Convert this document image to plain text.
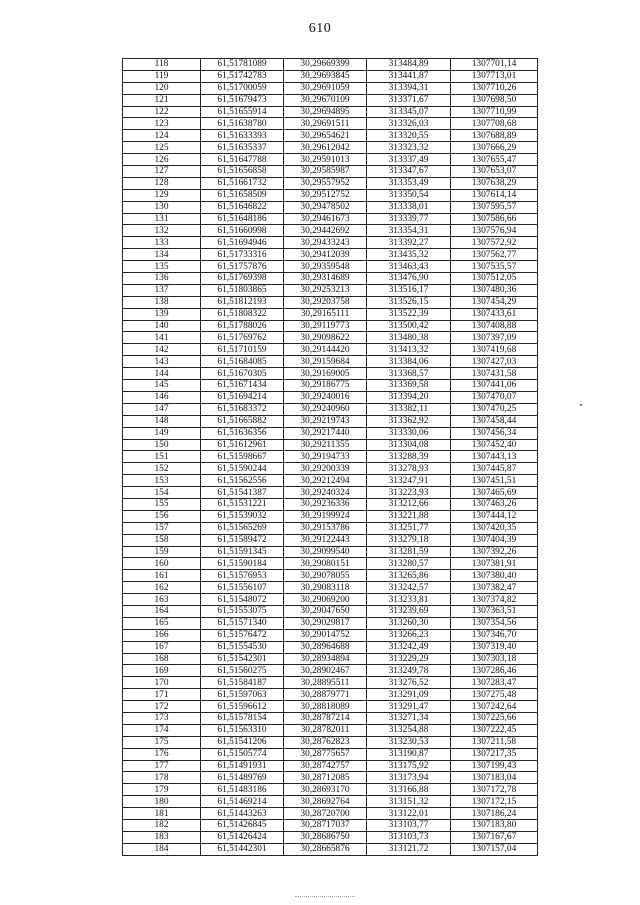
610
118	61,51781089	30,29669399	313484,89	1307701,14
119	61,51742783	30,29693845	313441,87	1307713,01
120	61,51700059	30,29691059	313394,31	1307710,26
121	61,51679473	30,29670109	313371,67	1307698,50
122	61,51655914	30,29694895	313345,07	1307710,99
123	61,51638780	30,29691511	313326,03	1307708,68
124	61,51633393	30,29654621	313320,55	1307688,89
125	61,51635337	30,29612042	313323,32	1307666,29
126	61,51647788	30,29591013	313337,49	1307655,47
127	61,51656858	30,29585987	313347,67	1307653,07
128	61,51661732	30,29557952	313353,49	1307638,29
129	61,51658509	30,29512752	313350,54	1307614,14
130	61,51646822	30,29478502	313338,01	1307595,57
131	61,51648186	30,29461673	313339,77	1307586,66
132	61,51660998	30,29442692	313354,31	1307576,94
133	61,51694946	30,29433243	313392,27	1307572,92
134	61,51733316	30,29412039	313435,32	1307562,77
135	61,51757876	30,29359548	313463,43	1307535,57
136	61,51769398	30,29314689	313476,90	1307512,05
137	61,51803865	30,29253213	313516,17	1307480,36
138	61,51812193	30,29203758	313526,15	1307454,29
139	61,51808322	30,29165111	313522,39	1307433,61
140	61,51788026	30,29119773	313500,42	1307408,88
141	61,51769762	30,29098622	313480,38	1307397,09
142	61,51710159	30,29144420	313413,32	1307419,68
143	61,51684085	30,29159684	313384,06	1307427,03
144	61,51670305	30,29169005	313368,57	1307431,58
145	61,51671434	30,29186775	313369,58	1307441,06
146	61,51694214	30,29240016	313394,20	1307470,07
147	61,51683372	30,29240960	313382,11	1307470,25
148	61,51665882	30,29219743	313362,92	1307458,44
149	61,51636356	30,29217440	313330,06	1307456,34
150	61,51612961	30,29211355	313304,08	1307452,40
151	61,51598667	30,29194733	313288,39	1307443,13
152	61,51590244	30,29200339	313278,93	1307445,87
153	61,51562556	30,29212494	313247,91	1307451,51
154	61,51541387	30,29240324	313223,93	1307465,69
155	61,51531221	30,29236336	313212,66	1307463,26
156	61,51539032	30,29199924	313221,88	1307444,12
157	61,51565269	30,29153786	313251,77	1307420,35
158	61,51589472	30,29122443	313279,18	1307404,39
159	61,51591345	30,29099540	313281,59	1307392,26
160	61,51590184	30,29080151	313280,57	1307381,91
161	61,51576953	30,29078055	313265,86	1307380,40
162	61,51556107	30,29083118	313242,57	1307382,47
163	61,51548072	30,29069200	313233,81	1307374,82
164	61,51553075	30,29047650	313239,69	1307363,51
165	61,51571340	30,29029817	313260,30	1307354,56
166	61,51576472	30,29014752	313266,23	1307346,70
167	61,51554530	30,28964688	313242,49	1307319,40
168	61,51542301	30,28934894	313229,29	1307303,18
169	61,51560275	30,28902467	313249,78	1307286,46
170	61,51584187	30,28895511	313276,52	1307283,47
171	61,51597063	30,28879771	313291,09	1307275,48
172	61,51596612	30,28818089	313291,47	1307242,64
173	61,51578154	30,28787214	313271,34	1307225,66
174	61,51563310	30,28782011	313254,88	1307222,45
175	61,51541206	30,28762823	313230,53	1307211,58
176	61,51505774	30,28775657	313190,87	1307217,35
177	61,51491931	30,28742757	313175,92	1307199,43
178	61,51489769	30,28712085	313173,94	1307183,04
179	61,51483186	30,28693170	313166,88	1307172,78
180	61,51469214	30,28692764	313151,32	1307172,15
181	61,51443263	30,28720700	313122,01	1307186,24
182	61,51426845	30,28717037	313103,77	1307183,80
183	61,51426424	30,28686750	313103,73	1307167,67
184	61,51442301	30,28665876	313121,72	1307157,04
